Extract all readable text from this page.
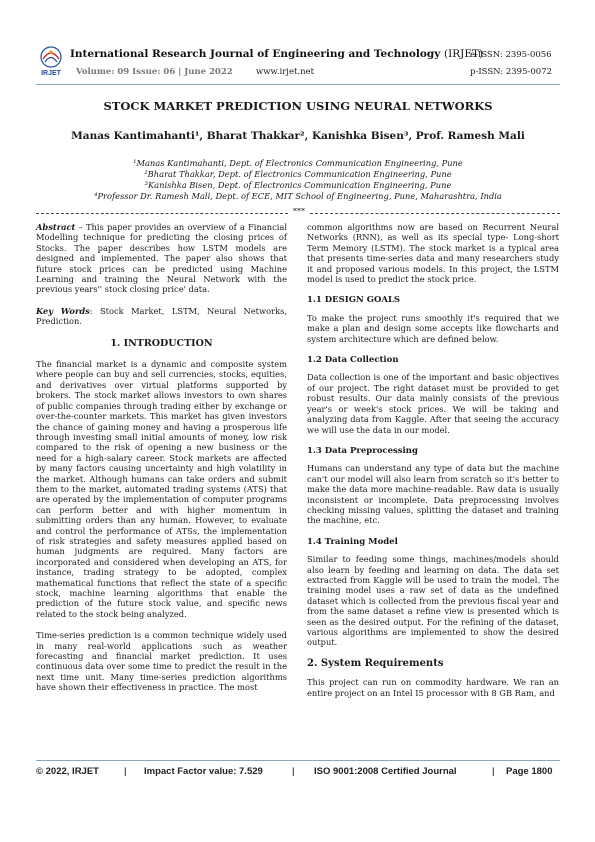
IRJET
International Research Journal of Engineering and Technology (IRJET)
e-ISSN: 2395-0056
Volume: 09 Issue: 06 | June 2022	www.irjet.net	p-ISSN: 2395-0072
STOCK MARKET PREDICTION USING NEURAL NETWORKS
Manas Kantimahanti¹, Bharat Thakkar², Kanishka Bisen³, Prof. Ramesh Mali
¹Manas Kantimahanti, Dept. of Electronics Communication Engineering, Pune
²Bharat Thakkar, Dept. of Electronics Communication Engineering, Pune
³Kanishka Bisen, Dept. of Electronics Communication Engineering, Pune
⁴Professor Dr. Ramesh Mali, Dept. of ECE, MIT School of Engineering, Pune, Maharashtra, India
***

Abstract – This paper provides an overview of a Financial Modelling technique for predicting the closing prices of Stocks. The paper describes how LSTM models are designed and implemented. The paper also shows that future stock prices can be predicted using Machine Learning and training the Neural Network with the previous years'' stock closing price' data.

Key Words: Stock Market, LSTM, Neural Networks, Prediction.

1. INTRODUCTION

The financial market is a dynamic and composite system where people can buy and sell currencies, stocks, equities, and derivatives over virtual platforms supported by brokers. The stock market allows investors to own shares of public companies through trading either by exchange or over-the-counter markets. This market has given investors the chance of gaining money and having a prosperous life through investing small initial amounts of money, low risk compared to the risk of opening a new business or the need for a high-salary career. Stock markets are affected by many factors causing uncertainty and high volatility in the market. Although humans can take orders and submit them to the market, automated trading systems (ATS) that are operated by the implementation of computer programs can perform better and with higher momentum in submitting orders than any human. However, to evaluate and control the performance of ATSs, the implementation of risk strategies and safety measures applied based on human judgments are required. Many factors are incorporated and considered when developing an ATS, for instance, trading strategy to be adopted, complex mathematical functions that reflect the state of a specific stock, machine learning algorithms that enable the prediction of the future stock value, and specific news related to the stock being analyzed.

Time-series prediction is a common technique widely used in many real-world applications such as weather forecasting and financial market prediction. It uses continuous data over some time to predict the result in the next time unit. Many time-series prediction algorithms have shown their effectiveness in practice. The most

common algorithms now are based on Recurrent Neural Networks (RNN), as well as its special type- Long-short Term Memory (LSTM). The stock market is a typical area that presents time-series data and many researchers study it and proposed various models. In this project, the LSTM model is used to predict the stock price.

1.1 DESIGN GOALS

To make the project runs smoothly it's required that we make a plan and design some accepts like flowcharts and system architecture which are defined below.

1.2 Data Collection

Data collection is one of the important and basic objectives of our project. The right dataset must be provided to get robust results. Our data mainly consists of the previous year's or week's stock prices. We will be taking and analyzing data from Kaggle. After that seeing the accuracy we will use the data in our model.

1.3 Data Preprocessing

Humans can understand any type of data but the machine can't our model will also learn from scratch so it's better to make the data more machine-readable. Raw data is usually inconsistent or incomplete. Data preprocessing involves checking missing values, splitting the dataset and training the machine, etc.

1.4 Training Model

Similar to feeding some things, machines/models should also learn by feeding and learning on data. The data set extracted from Kaggle will be used to train the model. The training model uses a raw set of data as the undefined dataset which is collected from the previous fiscal year and from the same dataset a refine view is presented which is seen as the desired output. For the refining of the dataset, various algorithms are implemented to show the desired output.

2. System Requirements

This project can run on commodity hardware. We ran an entire project on an Intel I5 processor with 8 GB Ram, and

© 2022, IRJET	| Impact Factor value: 7.529	| ISO 9001:2008 Certified Journal	| Page 1800
